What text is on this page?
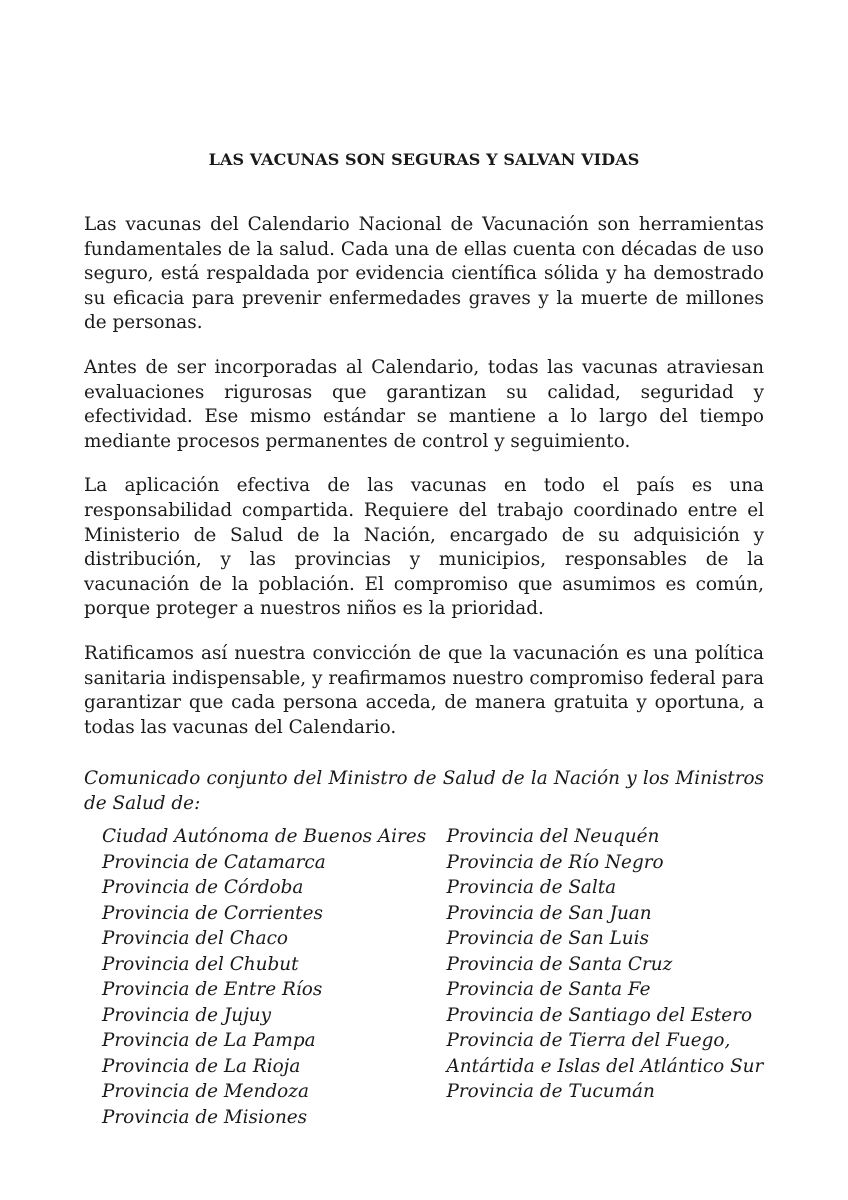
LAS VACUNAS SON SEGURAS Y SALVAN VIDAS

Las vacunas del Calendario Nacional de Vacunación son herramientas fundamentales de la salud. Cada una de ellas cuenta con décadas de uso seguro, está respaldada por evidencia científica sólida y ha demostrado su eficacia para prevenir enfermedades graves y la muerte de millones de personas.

Antes de ser incorporadas al Calendario, todas las vacunas atraviesan evaluaciones rigurosas que garantizan su calidad, seguridad y efectividad. Ese mismo estándar se mantiene a lo largo del tiempo mediante procesos permanentes de control y seguimiento.

La aplicación efectiva de las vacunas en todo el país es una responsabilidad compartida. Requiere del trabajo coordinado entre el Ministerio de Salud de la Nación, encargado de su adquisición y distribución, y las provincias y municipios, responsables de la vacunación de la población. El compromiso que asumimos es común, porque proteger a nuestros niños es la prioridad.

Ratificamos así nuestra convicción de que la vacunación es una política sanitaria indispensable, y reafirmamos nuestro compromiso federal para garantizar que cada persona acceda, de manera gratuita y oportuna, a todas las vacunas del Calendario.

Comunicado conjunto del Ministro de Salud de la Nación y los Ministros de Salud de:

Ciudad Autónoma de Buenos Aires
Provincia de Catamarca
Provincia de Córdoba
Provincia de Corrientes
Provincia del Chaco
Provincia del Chubut
Provincia de Entre Ríos
Provincia de Jujuy
Provincia de La Pampa
Provincia de La Rioja
Provincia de Mendoza
Provincia de Misiones
Provincia del Neuquén
Provincia de Río Negro
Provincia de Salta
Provincia de San Juan
Provincia de San Luis
Provincia de Santa Cruz
Provincia de Santa Fe
Provincia de Santiago del Estero
Provincia de Tierra del Fuego,
Antártida e Islas del Atlántico Sur
Provincia de Tucumán
